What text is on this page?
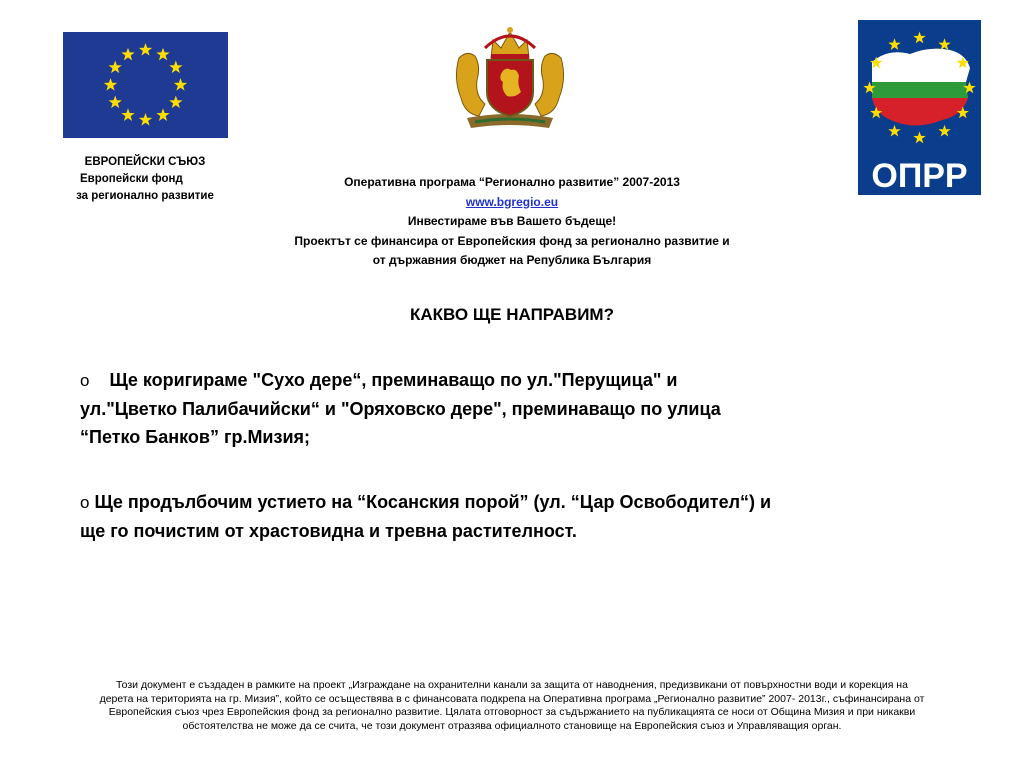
ЕВРОПЕЙСКИ СЪЮЗ

Европейски фонд
за регионално развитие
ОПРР
Оперативна програма “Регионално развитие” 2007-2013
www.bgregio.eu
Инвестираме във Вашето бъдеще!
Проектът се финансира от Европейския фонд за регионално развитие и
от държавния бюджет на Република България
КАКВО ЩЕ НАПРАВИМ?
o Ще коригираме "Сухо дере“, преминаващо по ул."Перущица" и
ул."Цветко Палибачийски“ и "Оряховско дере", преминаващо по улица
“Петко Банков” гр.Мизия;
o Ще продълбочим устието на “Косанския порой” (ул. “Цар Освободител“) и
ще го почистим от храстовидна и тревна растителност.
Този документ е създаден в рамките на проект „Изграждане на охранителни канали за защита от наводнения, предизвикани от повърхностни води и корекция на
дерета на територията на гр. Мизия”, който се осъществява в с финансовата подкрепа на Оперативна програма „Регионално развитие” 2007- 2013г., съфинансирана от
Европейския съюз чрез Европейския фонд за регионално развитие. Цялата отговорност за съдържанието на публикацията се носи от Община Мизия и при никакви
обстоятелства не може да се счита, че този документ отразява официалното становище на Европейския съюз и Управляващия орган.
